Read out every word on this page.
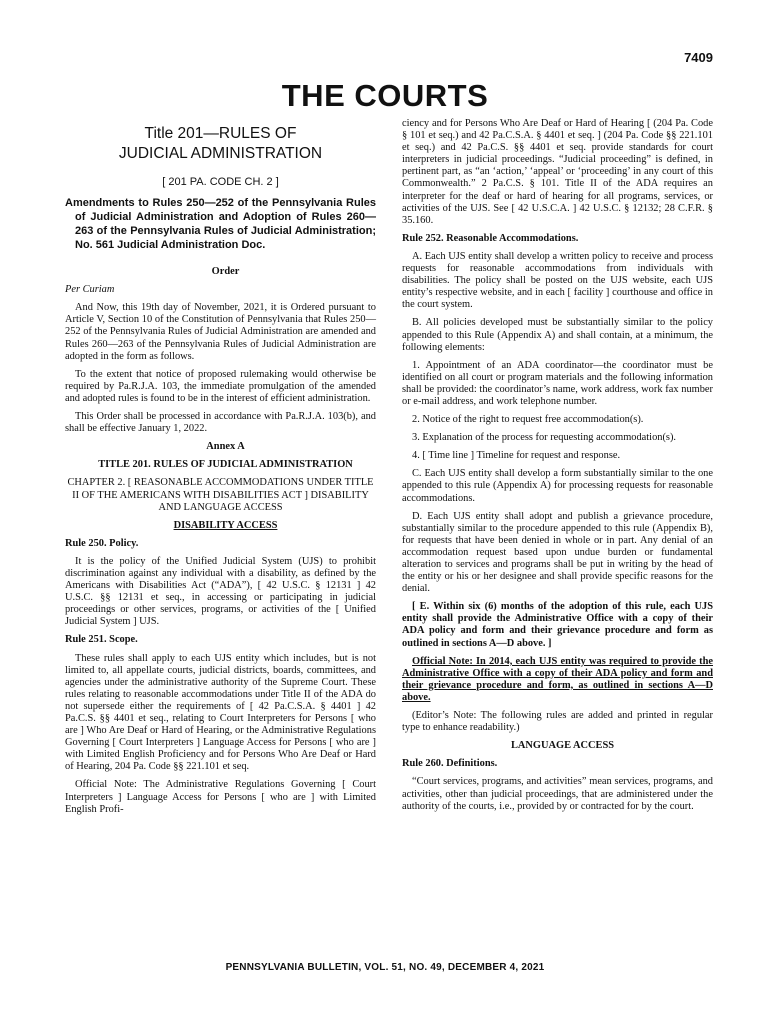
7409
THE COURTS
Title 201—RULES OF
JUDICIAL ADMINISTRATION
[ 201 PA. CODE CH. 2 ]
Amendments to Rules 250—252 of the Pennsylvania Rules of Judicial Administration and Adoption of Rules 260—263 of the Pennsylvania Rules of Judicial Administration; No. 561 Judicial Administration Doc.

Order

Per Curiam

And Now, this 19th day of November, 2021, it is Ordered pursuant to Article V, Section 10 of the Constitution of Pennsylvania that Rules 250—252 of the Pennsylvania Rules of Judicial Administration are amended and Rules 260—263 of the Pennsylvania Rules of Judicial Administration are adopted in the form as follows.

To the extent that notice of proposed rulemaking would otherwise be required by Pa.R.J.A. 103, the immediate promulgation of the amended and adopted rules is found to be in the interest of efficient administration.

This Order shall be processed in accordance with Pa.R.J.A. 103(b), and shall be effective January 1, 2022.

Annex A

TITLE 201. RULES OF JUDICIAL ADMINISTRATION

CHAPTER 2. [ REASONABLE ACCOMMODATIONS UNDER TITLE II OF THE AMERICANS WITH DISABILITIES ACT ] DISABILITY AND LANGUAGE ACCESS

DISABILITY ACCESS

Rule 250. Policy.

It is the policy of the Unified Judicial System (UJS) to prohibit discrimination against any individual with a disability, as defined by the Americans with Disabilities Act (“ADA”), [ 42 U.S.C. § 12131 ] 42 U.S.C. §§ 12131 et seq., in accessing or participating in judicial proceedings or other services, programs, or activities of the [ Unified Judicial System ] UJS.

Rule 251. Scope.

These rules shall apply to each UJS entity which includes, but is not limited to, all appellate courts, judicial districts, boards, committees, and agencies under the administrative authority of the Supreme Court. These rules relating to reasonable accommodations under Title II of the ADA do not supersede either the requirements of [ 42 Pa.C.S.A. § 4401 ] 42 Pa.C.S. §§ 4401 et seq., relating to Court Interpreters for Persons [ who are ] Who Are Deaf or Hard of Hearing, or the Administrative Regulations Governing [ Court Interpreters ] Language Access for Persons [ who are ] with Limited English Proficiency and for Persons Who Are Deaf or Hard of Hearing, 204 Pa. Code §§ 221.101 et seq.

Official Note: The Administrative Regulations Governing [ Court Interpreters ] Language Access for Persons [ who are ] with Limited English Profi-

ciency and for Persons Who Are Deaf or Hard of Hearing [ (204 Pa. Code § 101 et seq.) and 42 Pa.C.S.A. § 4401 et seq. ] (204 Pa. Code §§ 221.101 et seq.) and 42 Pa.C.S. §§ 4401 et seq. provide standards for court interpreters in judicial proceedings. “Judicial proceeding” is defined, in pertinent part, as “an ‘action,’ ‘appeal’ or ‘proceeding’ in any court of this Commonwealth.” 2 Pa.C.S. § 101. Title II of the ADA requires an interpreter for the deaf or hard of hearing for all programs, services, or activities of the UJS. See [ 42 U.S.C.A. ] 42 U.S.C. § 12132; 28 C.F.R. § 35.160.

Rule 252. Reasonable Accommodations.

A. Each UJS entity shall develop a written policy to receive and process requests for reasonable accommodations from individuals with disabilities. The policy shall be posted on the UJS website, each UJS entity’s respective website, and in each [ facility ] courthouse and office in the court system.

B. All policies developed must be substantially similar to the policy appended to this Rule (Appendix A) and shall contain, at a minimum, the following elements:

1. Appointment of an ADA coordinator—the coordinator must be identified on all court or program materials and the following information shall be provided: the coordinator’s name, work address, work fax number or e-mail address, and work telephone number.

2. Notice of the right to request free accommodation(s).

3. Explanation of the process for requesting accommodation(s).

4. [ Time line ] Timeline for request and response.

C. Each UJS entity shall develop a form substantially similar to the one appended to this rule (Appendix A) for processing requests for reasonable accommodations.

D. Each UJS entity shall adopt and publish a grievance procedure, substantially similar to the procedure appended to this rule (Appendix B), for requests that have been denied in whole or in part. Any denial of an accommodation request based upon undue burden or fundamental alteration to services and programs shall be put in writing by the head of the entity or his or her designee and shall provide specific reasons for the denial.

[ E. Within six (6) months of the adoption of this rule, each UJS entity shall provide the Administrative Office with a copy of their ADA policy and form and their grievance procedure and form as outlined in sections A—D above. ]

Official Note: In 2014, each UJS entity was required to provide the Administrative Office with a copy of their ADA policy and form and their grievance procedure and form, as outlined in sections A—D above.

(Editor’s Note: The following rules are added and printed in regular type to enhance readability.)

LANGUAGE ACCESS

Rule 260. Definitions.

“Court services, programs, and activities” mean services, programs, and activities, other than judicial proceedings, that are administered under the authority of the courts, i.e., provided by or contracted for by the court.

PENNSYLVANIA BULLETIN, VOL. 51, NO. 49, DECEMBER 4, 2021
